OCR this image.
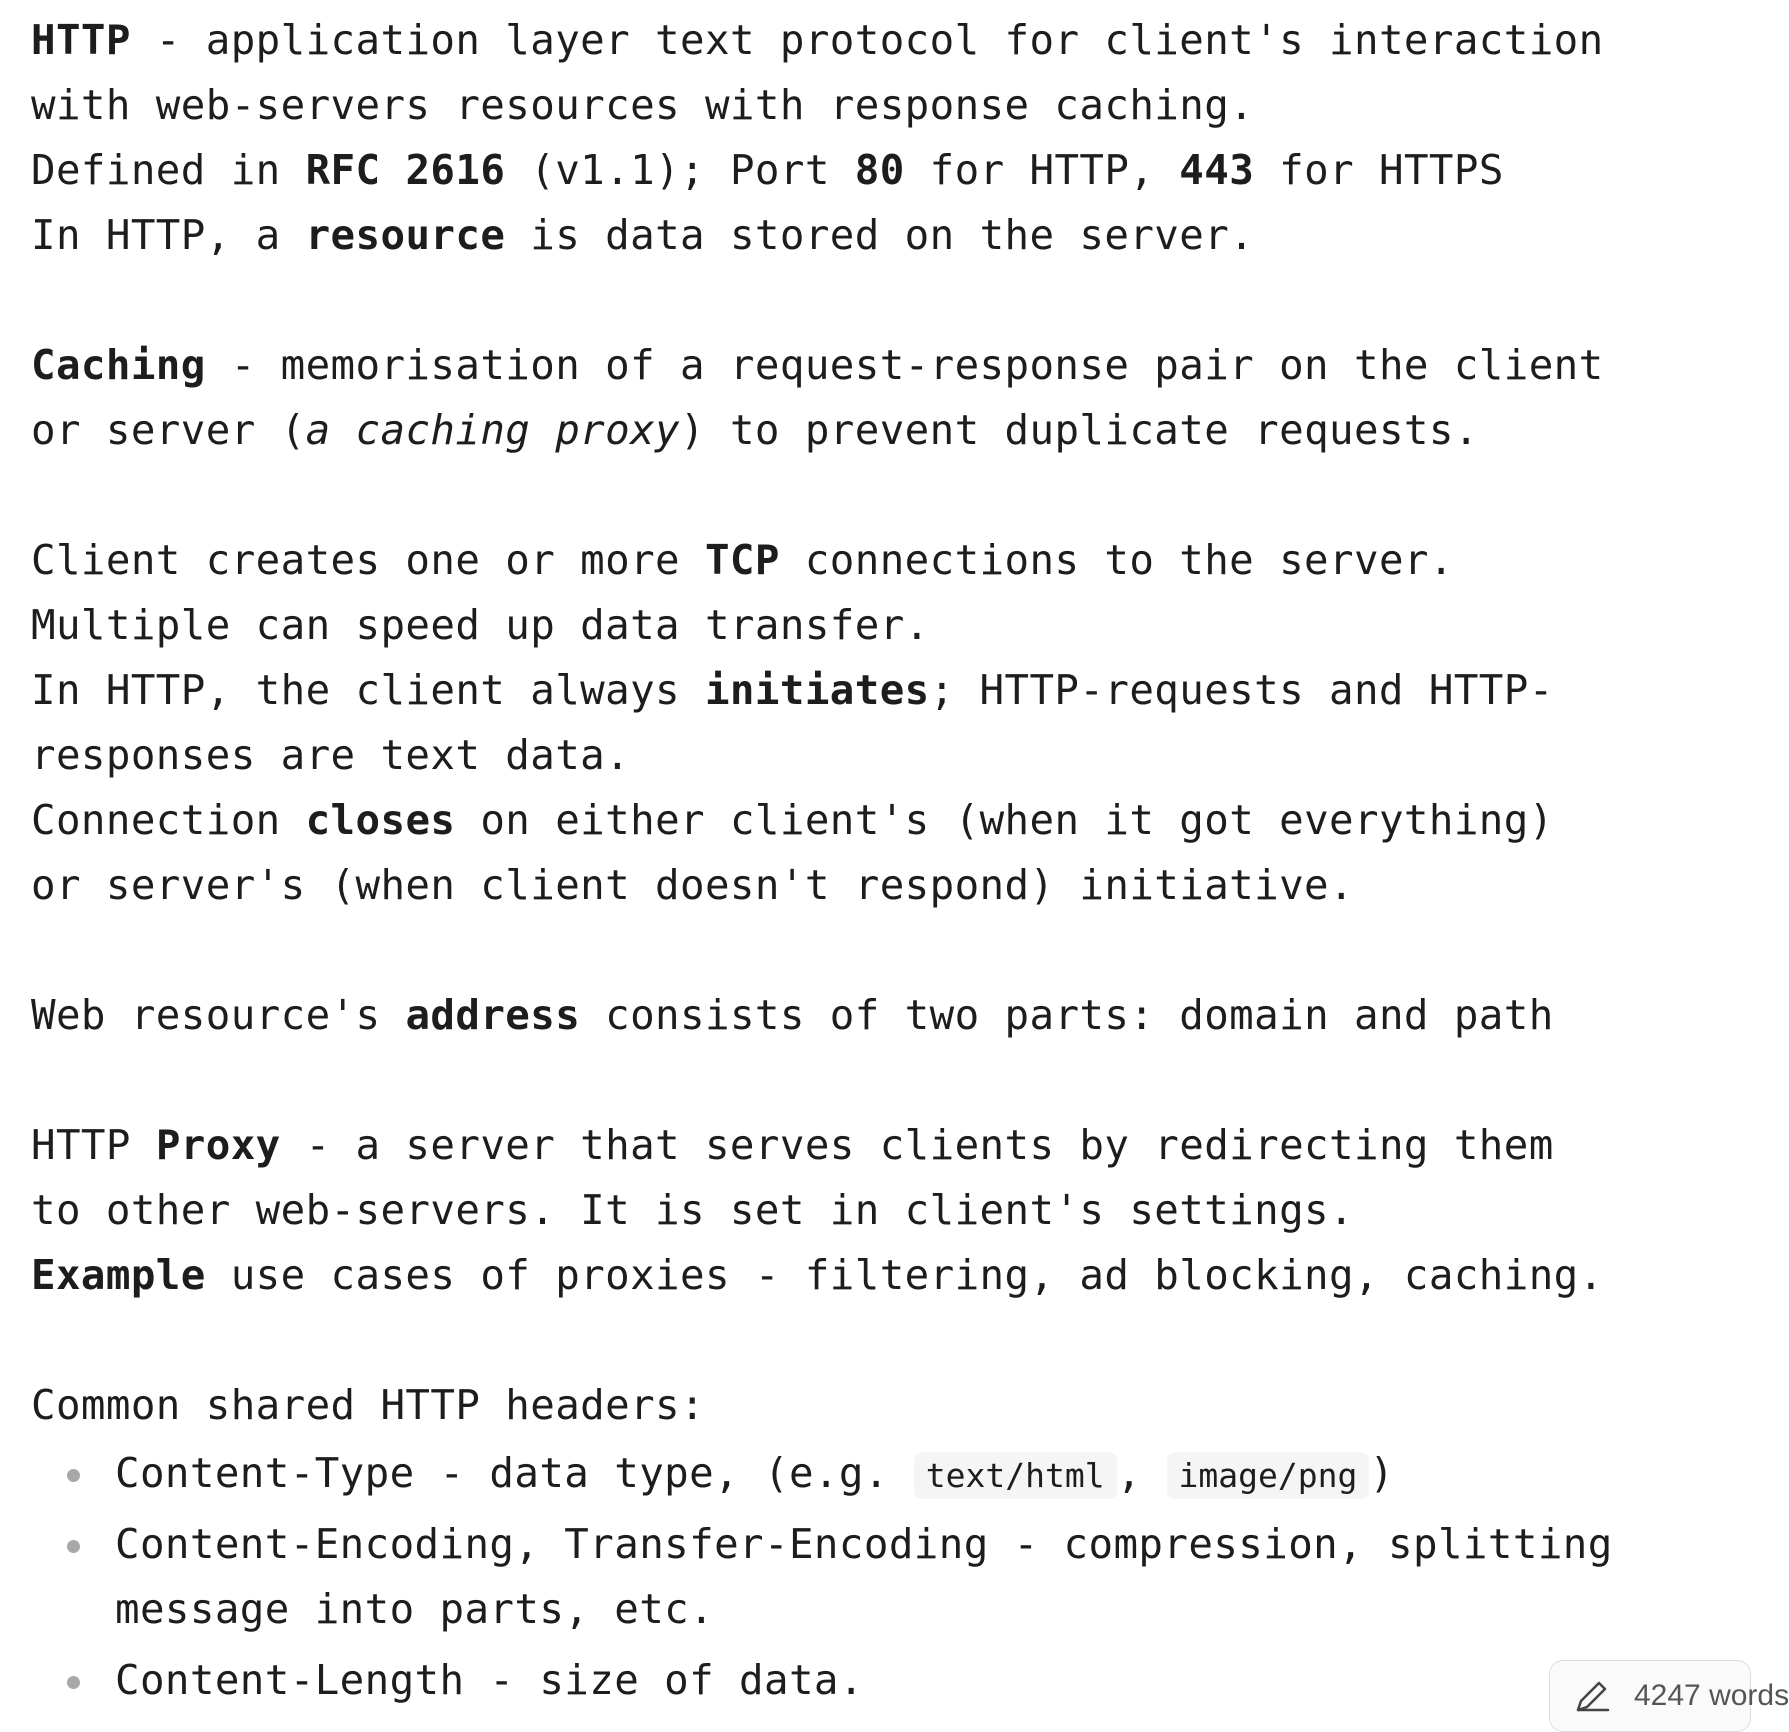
HTTP - application layer text protocol for client's interaction
with web-servers resources with response caching.
Defined in RFC 2616 (v1.1); Port 80 for HTTP, 443 for HTTPS
In HTTP, a resource is data stored on the server.
Caching - memorisation of a request-response pair on the client
or server (a caching proxy) to prevent duplicate requests.
Client creates one or more TCP connections to the server.
Multiple can speed up data transfer.
In HTTP, the client always initiates; HTTP-requests and HTTP-
responses are text data.
Connection closes on either client's (when it got everything)
or server's (when client doesn't respond) initiative.
Web resource's address consists of two parts: domain and path
HTTP Proxy - a server that serves clients by redirecting them
to other web-servers. It is set in client's settings.
Example use cases of proxies - filtering, ad blocking, caching.
Common shared HTTP headers:
Content-Type - data type, (e.g. text/html , image/png )
Content-Encoding, Transfer-Encoding - compression, splitting
message into parts, etc.
Content-Length - size of data.	4247 words
